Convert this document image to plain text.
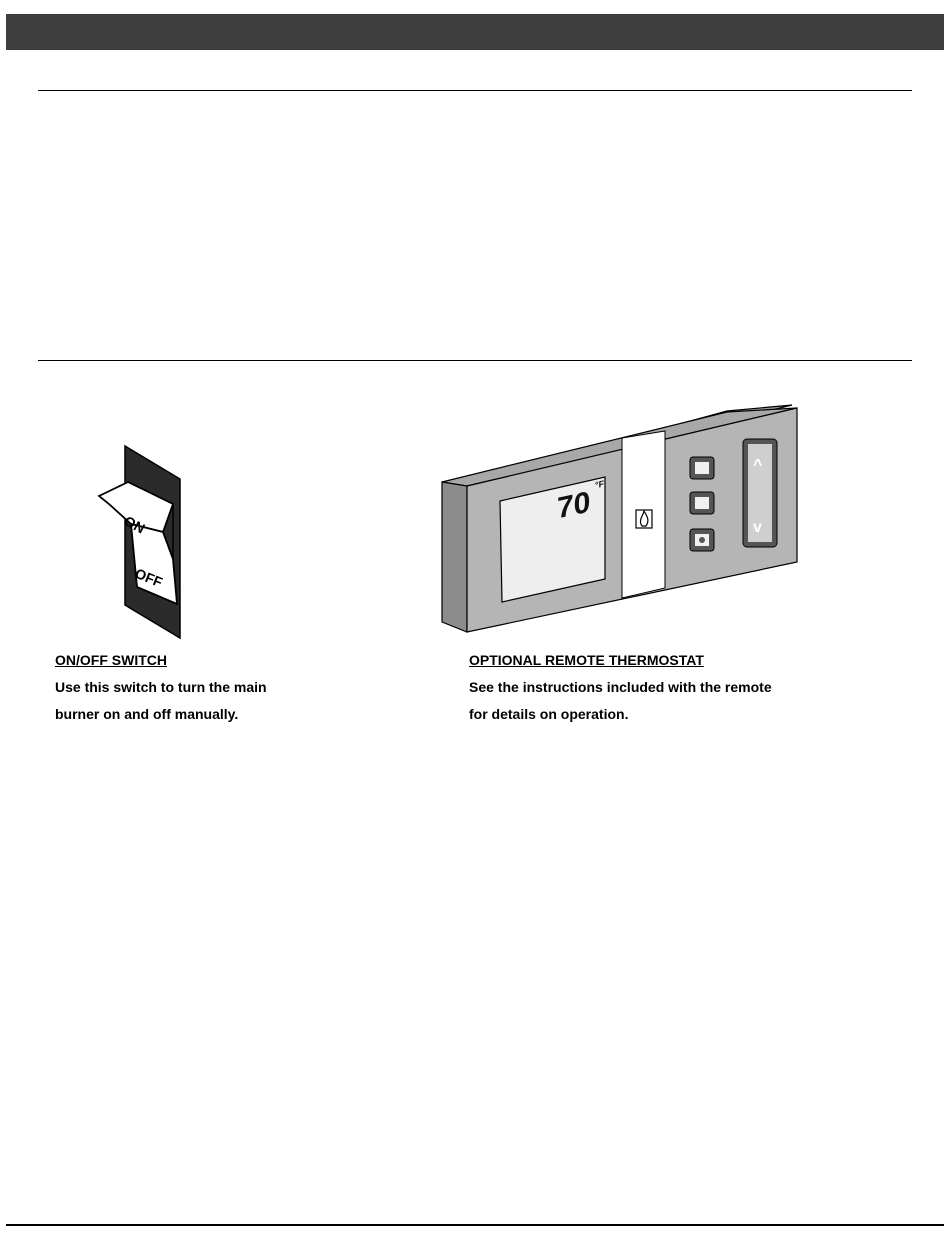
ON
OFF
70
°F
^
v

ON/OFF SWITCH

Use this switch to turn the main

burner on and off manually.

OPTIONAL REMOTE THERMOSTAT

See the instructions included with the remote

for details on operation.
